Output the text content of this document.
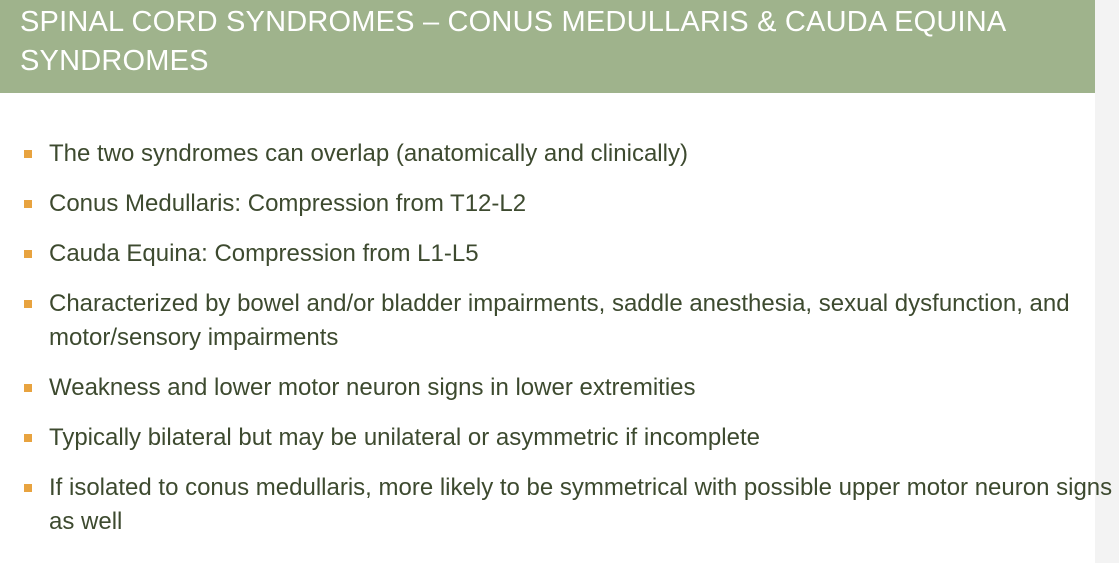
SPINAL CORD SYNDROMES – CONUS MEDULLARIS & CAUDA EQUINA SYNDROMES
The two syndromes can overlap (anatomically and clinically)
Conus Medullaris: Compression from T12-L2
Cauda Equina: Compression from L1-L5
Characterized by bowel and/or bladder impairments, saddle anesthesia, sexual dysfunction, and motor/sensory impairments
Weakness and lower motor neuron signs in lower extremities
Typically bilateral but may be unilateral or asymmetric if incomplete
If isolated to conus medullaris, more likely to be symmetrical with possible upper motor neuron signs as well
